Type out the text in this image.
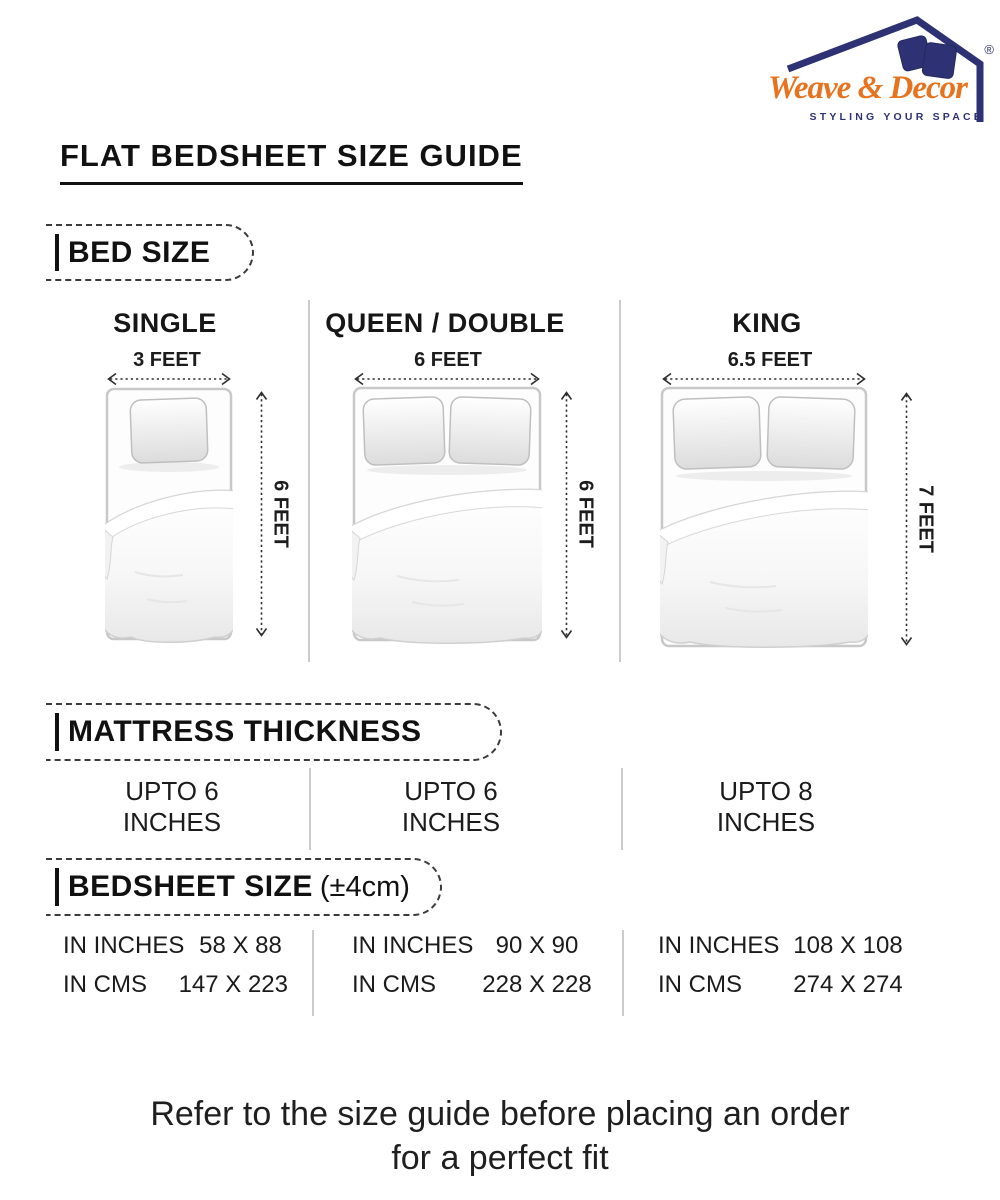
Weave & Decor
STYLING YOUR SPACE
®
FLAT BEDSHEET SIZE GUIDE
BED SIZE
SINGLE	QUEEN / DOUBLE	KING
3 FEET	6 FEET	6.5 FEET
6 FEET	6 FEET	7 FEET
MATTRESS THICKNESS
UPTO 6
INCHES
UPTO 6
INCHES
UPTO 8
INCHES
BEDSHEET SIZE (±4cm)
IN INCHES 58 X 88
IN CMS	147 X 223
IN INCHES 90 X 90
IN CMS	228 X 228
IN INCHES 108 X 108
IN CMS	274 X 274
Refer to the size guide before placing an order
for a perfect fit
